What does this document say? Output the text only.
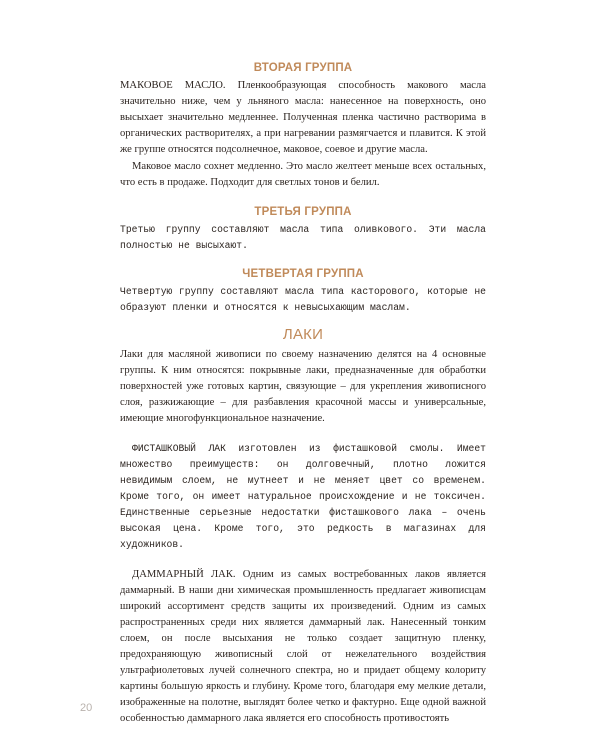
ВТОРАЯ ГРУППА

МАКОВОЕ МАСЛО. Пленкообразующая способность макового масла значительно ниже, чем у льняного масла: нанесенное на поверхность, оно высыхает значительно медленнее. Полученная пленка частично растворима в органических растворителях, а при нагревании размягчается и плавится. К этой же группе относятся подсолнечное, маковое, соевое и другие масла.

Маковое масло сохнет медленно. Это масло желтеет меньше всех остальных, что есть в продаже. Подходит для светлых тонов и белил.

ТРЕТЬЯ ГРУППА

Третью группу составляют масла типа оливкового. Эти масла полностью не высыхают.

ЧЕТВЕРТАЯ ГРУППА

Четвертую группу составляют масла типа касторового, которые не образуют пленки и относятся к невысыхающим маслам.

ЛАКИ

Лаки для масляной живописи по своему назначению делятся на 4 основные группы. К ним относятся: покрывные лаки, предназначенные для обработки поверхностей уже готовых картин, связующие – для укрепления живописного слоя, разжижающие – для разбавления красочной массы и универсальные, имеющие многофункциональное назначение.

ФИСТАШКОВЫЙ ЛАК изготовлен из фисташковой смолы. Имеет множество преимуществ: он долговечный, плотно ложится невидимым слоем, не мутнеет и не меняет цвет со временем. Кроме того, он имеет натуральное происхождение и не токсичен. Единственные серьезные недостатки фисташкового лака – очень высокая цена. Кроме того, это редкость в магазинах для художников.

ДАММАРНЫЙ ЛАК. Одним из самых востребованных лаков является даммарный. В наши дни химическая промышленность предлагает живописцам широкий ассортимент средств защиты их произведений. Одним из самых распространенных среди них является даммарный лак. Нанесенный тонким слоем, он после высыхания не только создает защитную пленку, предохраняющую живописный слой от нежелательного воздействия ультрафиолетовых лучей солнечного спектра, но и придает общему колориту картины большую яркость и глубину. Кроме того, благодаря ему мелкие детали, изображенные на полотне, выглядят более четко и фактурно. Еще одной важной особенностью даммарного лака является его способность противостоять

20
